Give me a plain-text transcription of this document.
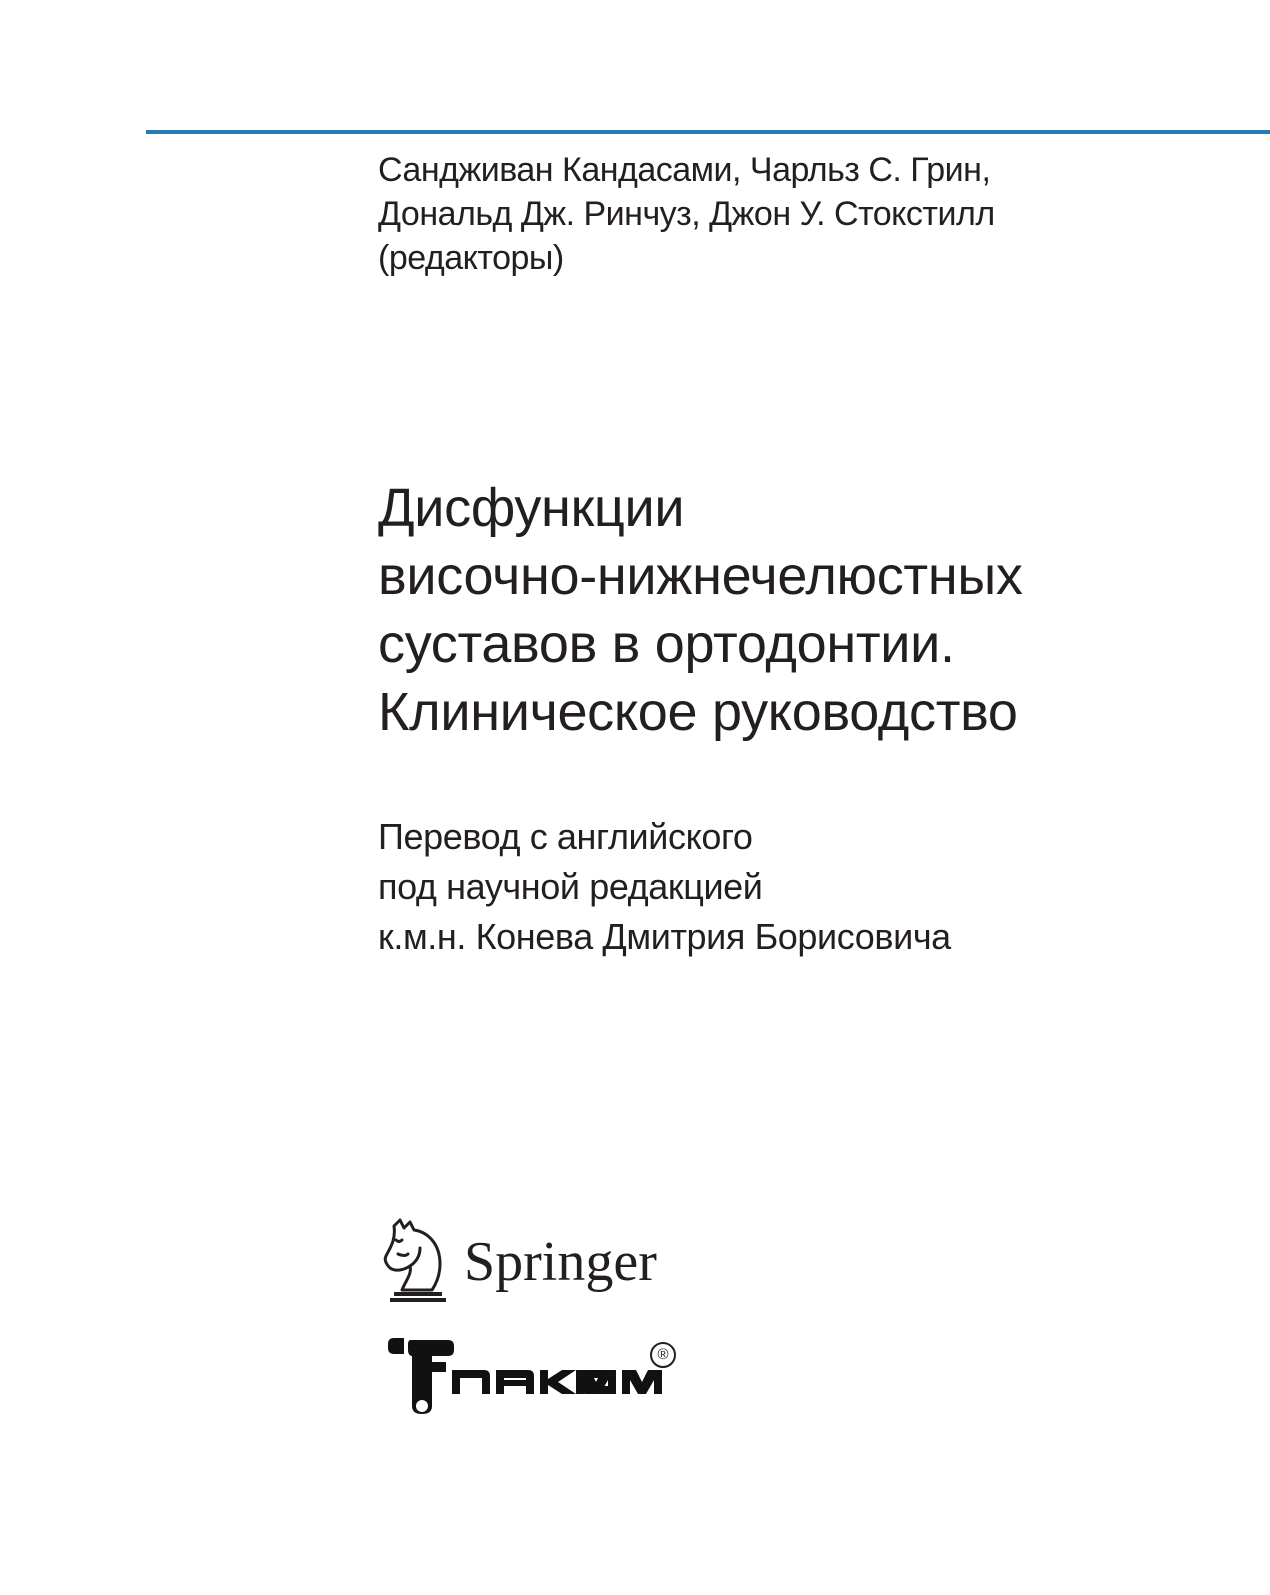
Сандживан Кандасами, Чарльз С. Грин,
Дональд Дж. Ринчуз, Джон У. Стокстилл
(редакторы)
Дисфункции
височно-нижнечелюстных
суставов в ортодонтии.
Клиническое руководство
Перевод с английского
под научной редакцией
к.м.н. Конева Дмитрия Борисовича
Springer
®
